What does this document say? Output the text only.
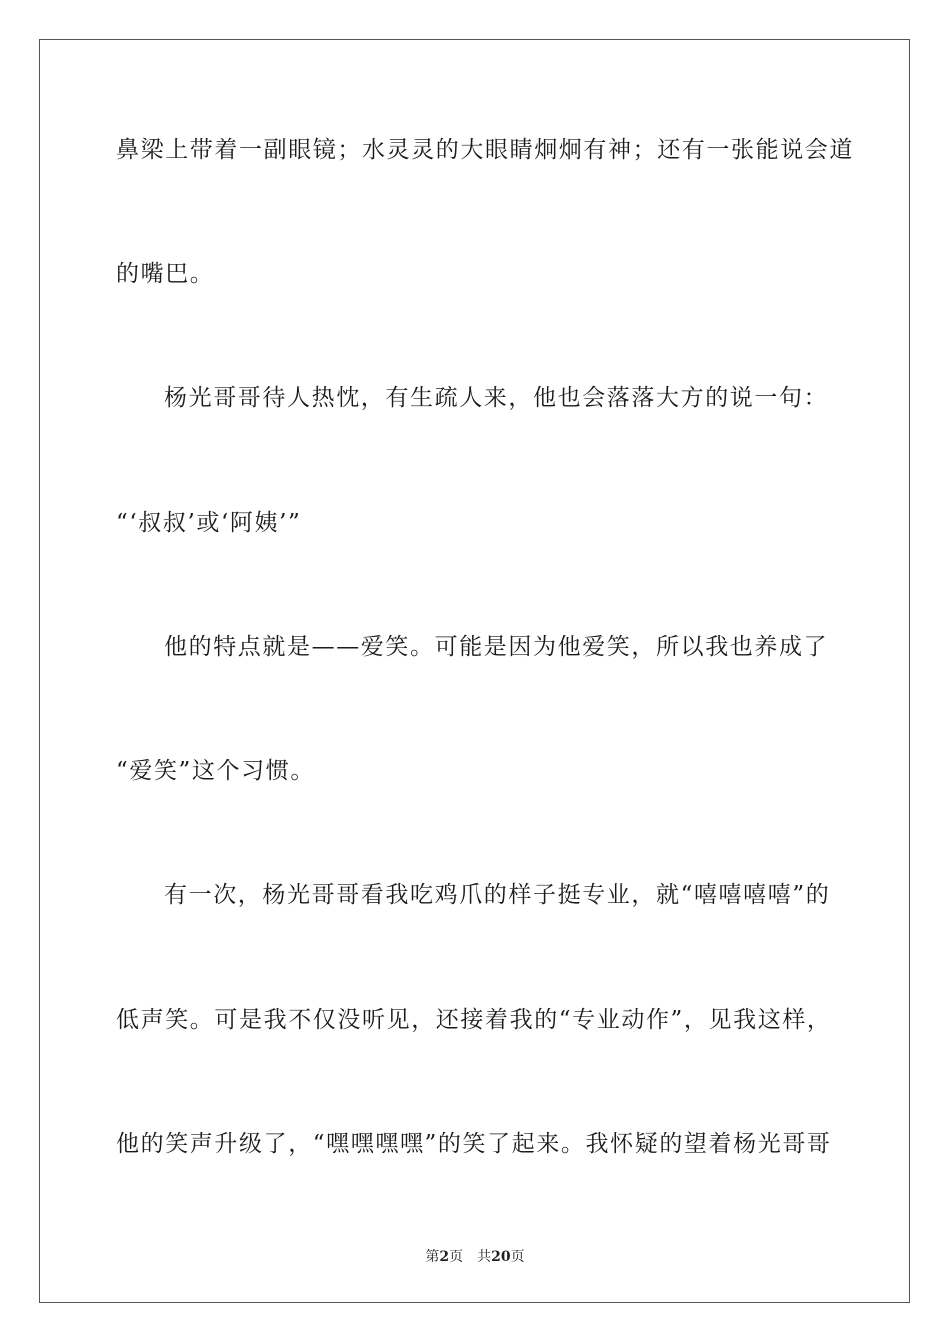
鼻梁上带着一副眼镜；水灵灵的大眼睛炯炯有神；还有一张能说会道
的嘴巴。
杨光哥哥待人热忱，有生疏人来，他也会落落大方的说一句：
“‘叔叔’或‘阿姨’”
他的特点就是——爱笑。可能是因为他爱笑，所以我也养成了
“爱笑”这个习惯。
有一次，杨光哥哥看我吃鸡爪的样子挺专业，就“嘻嘻嘻嘻”的
低声笑。可是我不仅没听见，还接着我的“专业动作”，见我这样，
他的笑声升级了，“嘿嘿嘿嘿”的笑了起来。我怀疑的望着杨光哥哥
第2页 共20页
